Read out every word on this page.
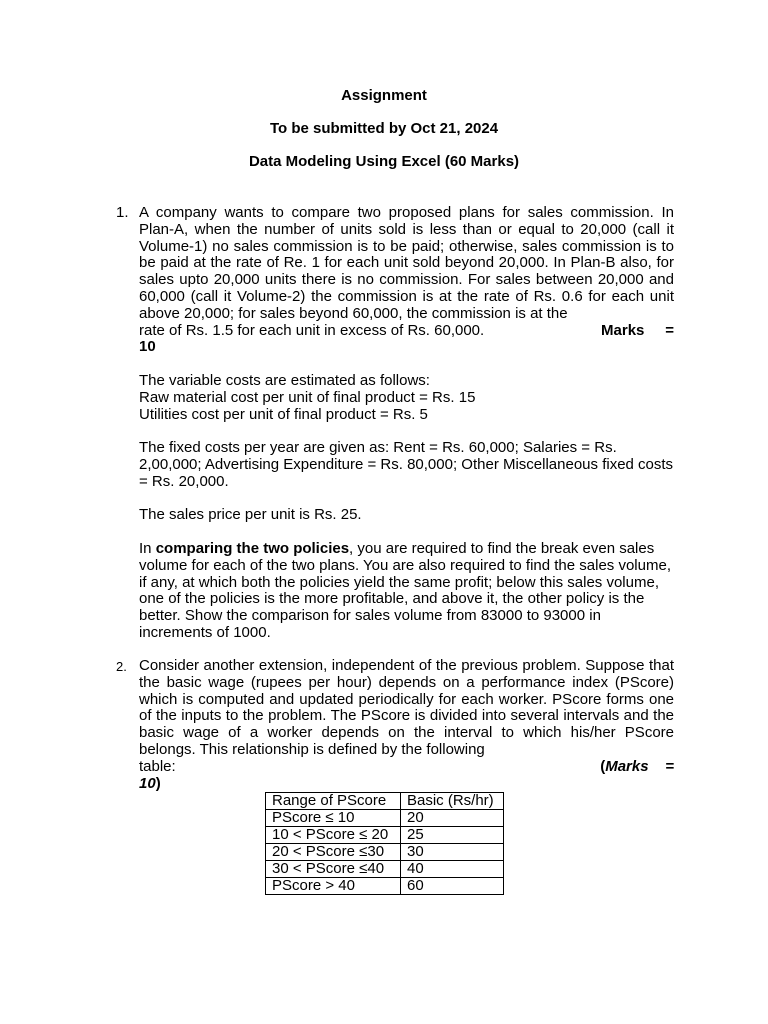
Assignment
To be submitted by Oct 21, 2024
Data Modeling Using Excel (60 Marks)
1. A company wants to compare two proposed plans for sales commission. In Plan-A, when the number of units sold is less than or equal to 20,000 (call it Volume-1) no sales commission is to be paid; otherwise, sales commission is to be paid at the rate of Re. 1 for each unit sold beyond 20,000. In Plan-B also, for sales upto 20,000 units there is no commission. For sales between 20,000 and 60,000 (call it Volume-2) the commission is at the rate of Rs. 0.6 for each unit above 20,000; for sales beyond 60,000, the commission is at the

rate of Rs. 1.5 for each unit in excess of Rs. 60,000.	Marks =
10

The variable costs are estimated as follows:

Raw material cost per unit of final product = Rs. 15

Utilities cost per unit of final product = Rs. 5

The fixed costs per year are given as: Rent = Rs. 60,000; Salaries = Rs. 2,00,000; Advertising Expenditure = Rs. 80,000; Other Miscellaneous fixed costs = Rs. 20,000.

The sales price per unit is Rs. 25.

In comparing the two policies, you are required to find the break even sales volume for each of the two plans. You are also required to find the sales volume, if any, at which both the policies yield the same profit; below this sales volume, one of the policies is the more profitable, and above it, the other policy is the better. Show the comparison for sales volume from 83000 to 93000 in increments of 1000.

2. Consider another extension, independent of the previous problem. Suppose that the basic wage (rupees per hour) depends on a performance index (PScore) which is computed and updated periodically for each worker. PScore forms one of the inputs to the problem. The PScore is divided into several intervals and the basic wage of a worker depends on the interval to which his/her PScore belongs. This relationship is defined by the following

table:	(Marks =
10)
Range of PScore	Basic (Rs/hr)
PScore ≤ 10	20
10 < PScore ≤ 20	25
20 < PScore ≤30	30
30 < PScore ≤40	40
PScore > 40	60
